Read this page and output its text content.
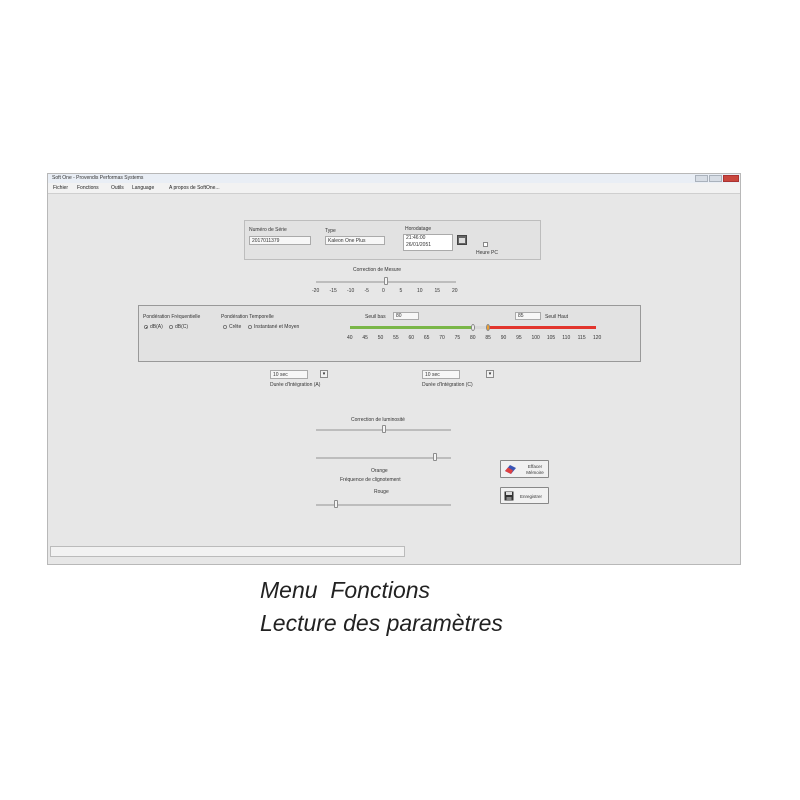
Soft One - Provendis Performas Systems
Fichier Fonctions Outils Language	A propos de SoftOne...
Numéro de Série
2017011379
Type
Kaleon One Plus
Horodatage
21:46:00
26/01/2051
Heure PC
Correction de Mesure
Pondération Fréquentielle
dB(A) dB(C)
Pondération Temporelle
Crête	Instantané et Moyen
Seuil bas	80	85	Seuil Haut
40 45 50 55 60 65 70 75 80 85 90 95 100 105 110 115 120
10 sec	▾
Durée d'Intégration (A)
10 sec	▾
Durée d'Intégration (C)
Correction de luminosité
Orange
Fréquence de clignotement
Rouge
Effacer
Mémoire
Enregistrer
-20 -15 -10 -5	0	5	10 15 20
Menu  Fonctions
Lecture des paramètres
